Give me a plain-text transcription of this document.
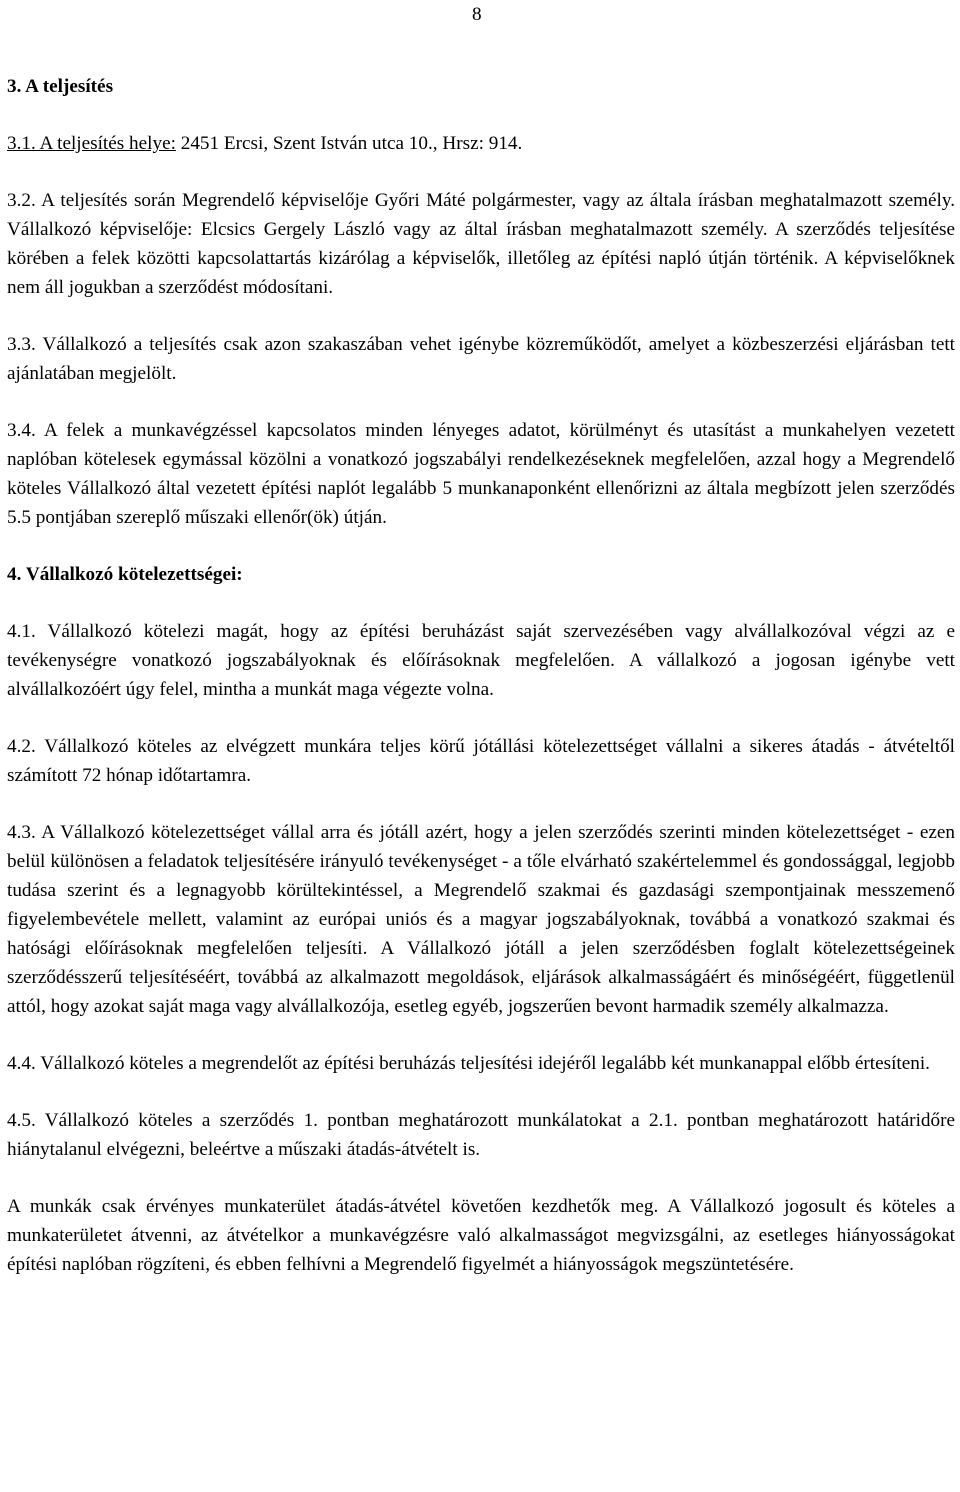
8
3. A teljesítés

3.1. A teljesítés helye: 2451 Ercsi, Szent István utca 10., Hrsz: 914.

3.2. A teljesítés során Megrendelő képviselője Győri Máté polgármester, vagy az általa írásban meghatalmazott személy. Vállalkozó képviselője: Elcsics Gergely László vagy az által írásban meghatalmazott személy. A szerződés teljesítése körében a felek közötti kapcsolattartás kizárólag a képviselők, illetőleg az építési napló útján történik. A képviselőknek nem áll jogukban a szerződést módosítani.

3.3. Vállalkozó a teljesítés csak azon szakaszában vehet igénybe közreműködőt, amelyet a közbeszerzési eljárásban tett ajánlatában megjelölt.

3.4. A felek a munkavégzéssel kapcsolatos minden lényeges adatot, körülményt és utasítást a munkahelyen vezetett naplóban kötelesek egymással közölni a vonatkozó jogszabályi rendelkezéseknek megfelelően, azzal hogy a Megrendelő köteles Vállalkozó által vezetett építési naplót legalább 5 munkanaponként ellenőrizni az általa megbízott jelen szerződés 5.5 pontjában szereplő műszaki ellenőr(ök) útján.

4. Vállalkozó kötelezettségei:

4.1. Vállalkozó kötelezi magát, hogy az építési beruházást saját szervezésében vagy alvállalkozóval végzi az e tevékenységre vonatkozó jogszabályoknak és előírásoknak megfelelően. A vállalkozó a jogosan igénybe vett alvállalkozóért úgy felel, mintha a munkát maga végezte volna.

4.2. Vállalkozó köteles az elvégzett munkára teljes körű jótállási kötelezettséget vállalni a sikeres átadás - átvételtől számított 72 hónap időtartamra.

4.3. A Vállalkozó kötelezettséget vállal arra és jótáll azért, hogy a jelen szerződés szerinti minden kötelezettséget - ezen belül különösen a feladatok teljesítésére irányuló tevékenységet - a tőle elvárható szakértelemmel és gondossággal, legjobb tudása szerint és a legnagyobb körültekintéssel, a Megrendelő szakmai és gazdasági szempontjainak messzemenő figyelembevétele mellett, valamint az európai uniós és a magyar jogszabályoknak, továbbá a vonatkozó szakmai és hatósági előírásoknak megfelelően teljesíti. A Vállalkozó jótáll a jelen szerződésben foglalt kötelezettségeinek szerződésszerű teljesítéséért, továbbá az alkalmazott megoldások, eljárások alkalmasságáért és minőségéért, függetlenül attól, hogy azokat saját maga vagy alvállalkozója, esetleg egyéb, jogszerűen bevont harmadik személy alkalmazza.

4.4. Vállalkozó köteles a megrendelőt az építési beruházás teljesítési idejéről legalább két munkanappal előbb értesíteni.

4.5. Vállalkozó köteles a szerződés 1. pontban meghatározott munkálatokat a 2.1. pontban meghatározott határidőre hiánytalanul elvégezni, beleértve a műszaki átadás-átvételt is.

A munkák csak érvényes munkaterület átadás-átvétel követően kezdhetők meg. A Vállalkozó jogosult és köteles a munkaterületet átvenni, az átvételkor a munkavégzésre való alkalmasságot megvizsgálni, az esetleges hiányosságokat építési naplóban rögzíteni, és ebben felhívni a Megrendelő figyelmét a hiányosságok megszüntetésére.
